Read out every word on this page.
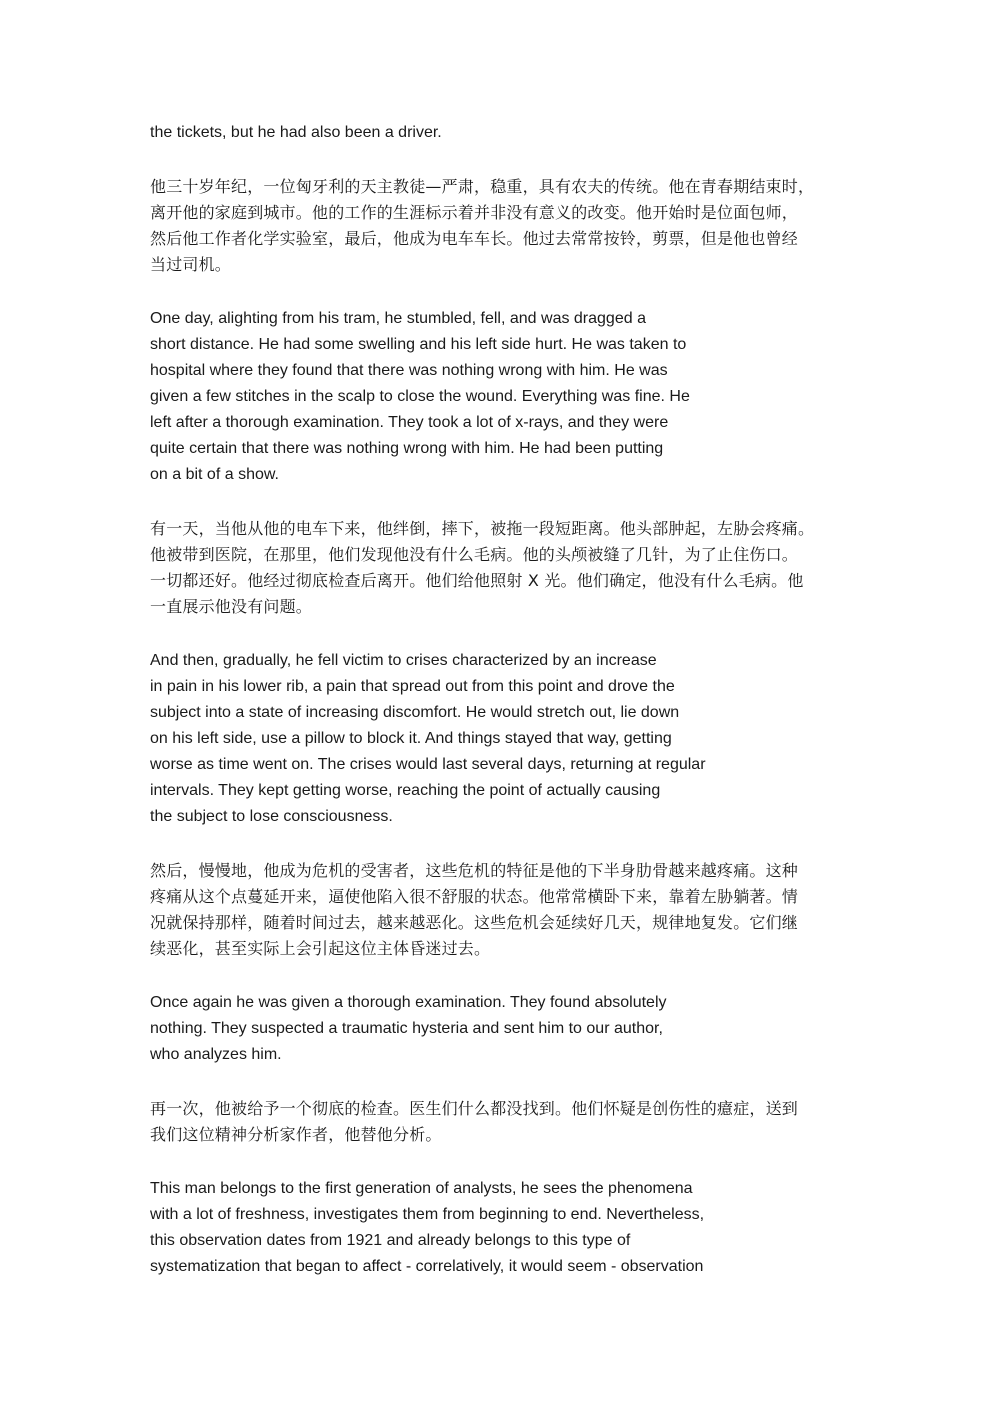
the tickets, but he had also been a driver.

他三十岁年纪，一位匈牙利的天主教徒—严肃，稳重，具有农夫的传统。他在青春期结束时，
离开他的家庭到城市。他的工作的生涯标示着并非没有意义的改变。他开始时是位面包师，
然后他工作者化学实验室，最后，他成为电车车长。他过去常常按铃，剪票，但是他也曾经
当过司机。

One day, alighting from his tram, he stumbled, fell, and was dragged a
short distance. He had some swelling and his left side hurt. He was taken to
hospital where they found that there was nothing wrong with him. He was
given a few stitches in the scalp to close the wound. Everything was fine. He
left after a thorough examination. They took a lot of x-rays, and they were
quite certain that there was nothing wrong with him. He had been putting
on a bit of a show.

有一天，当他从他的电车下来，他绊倒，摔下，被拖一段短距离。他头部肿起，左胁会疼痛。
他被带到医院，在那里，他们发现他没有什么毛病。他的头颅被缝了几针，为了止住伤口。
一切都还好。他经过彻底检查后离开。他们给他照射 X 光。他们确定，他没有什么毛病。他
一直展示他没有问题。

And then, gradually, he fell victim to crises characterized by an increase
in pain in his lower rib, a pain that spread out from this point and drove the
subject into a state of increasing discomfort. He would stretch out, lie down
on his left side, use a pillow to block it. And things stayed that way, getting
worse as time went on. The crises would last several days, returning at regular
intervals. They kept getting worse, reaching the point of actually causing
the subject to lose consciousness.

然后，慢慢地，他成为危机的受害者，这些危机的特征是他的下半身肋骨越来越疼痛。这种
疼痛从这个点蔓延开来，逼使他陷入很不舒服的状态。他常常横卧下来，靠着左胁躺著。情
况就保持那样，随着时间过去，越来越恶化。这些危机会延续好几天，规律地复发。它们继
续恶化，甚至实际上会引起这位主体昏迷过去。

Once again he was given a thorough examination. They found absolutely
nothing. They suspected a traumatic hysteria and sent him to our author,
who analyzes him.

再一次，他被给予一个彻底的检查。医生们什么都没找到。他们怀疑是创伤性的癔症，送到
我们这位精神分析家作者，他替他分析。

This man belongs to the first generation of analysts, he sees the phenomena
with a lot of freshness, investigates them from beginning to end. Nevertheless,
this observation dates from 1921 and already belongs to this type of
systematization that began to affect - correlatively, it would seem - observation
